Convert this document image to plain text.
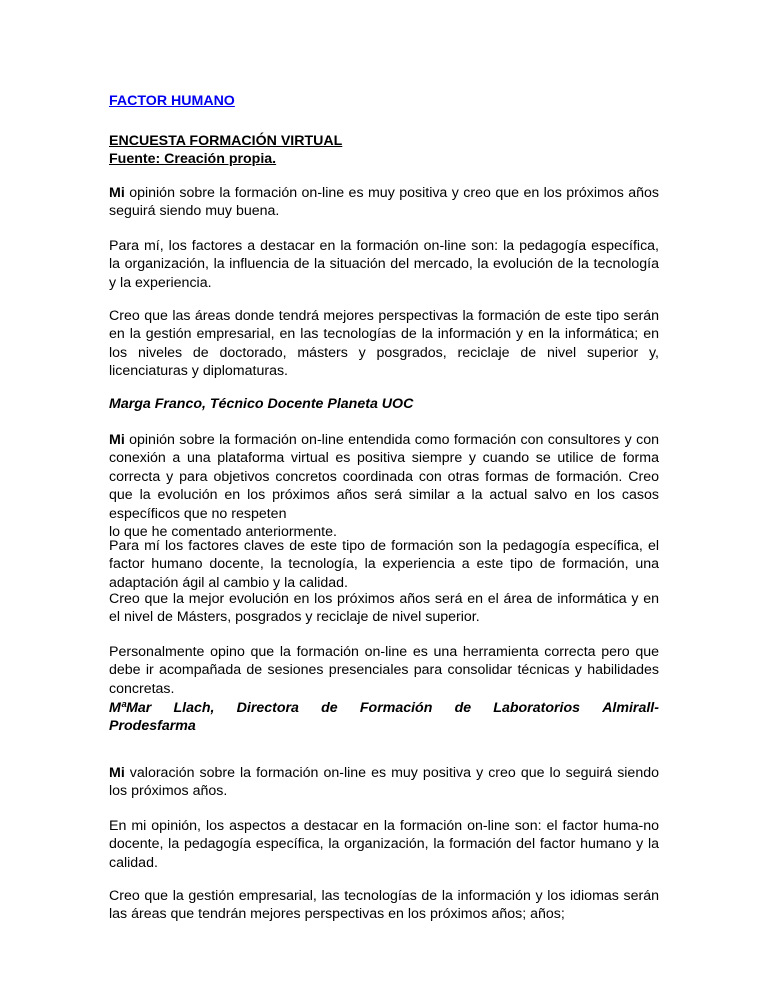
FACTOR HUMANO
ENCUESTA FORMACIÓN VIRTUAL
Fuente: Creación propia.

Mi opinión sobre la formación on-line es muy positiva y creo que en los próximos años seguirá siendo muy buena.

Para mí, los factores a destacar en la formación on-line son: la pedagogía específica, la organización, la influencia de la situación del mercado, la evolución de la tecnología y la experiencia.

Creo que las áreas donde tendrá mejores perspectivas la formación de este tipo serán en la gestión empresarial, en las tecnologías de la información y en la informática; en los niveles de doctorado, másters y posgrados, reciclaje de nivel superior y, licenciaturas y diplomaturas.

Marga Franco, Técnico Docente Planeta UOC

Mi opinión sobre la formación on-line entendida como formación con consultores y con conexión a una plataforma virtual es positiva siempre y cuando se utilice de forma correcta y para objetivos concretos coordinada con otras formas de formación. Creo que la evolución en los próximos años será similar a la actual salvo en los casos específicos que no respeten
lo que he comentado anteriormente.

Para mí los factores claves de este tipo de formación son la pedagogía específica, el factor humano docente, la tecnología, la experiencia a este tipo de formación, una adaptación ágil al cambio y la calidad.

Creo que la mejor evolución en los próximos años será en el área de informática y en el nivel de Másters, posgrados y reciclaje de nivel superior.

Personalmente opino que la formación on-line es una herramienta correcta pero que debe ir acompañada de sesiones presenciales para consolidar técnicas y habilidades concretas.

MªMar Llach, Directora de Formación de Laboratorios Almirall-
Prodesfarma

Mi valoración sobre la formación on-line es muy positiva y creo que lo seguirá siendo los próximos años.

En mi opinión, los aspectos a destacar en la formación on-line son: el factor huma-no docente, la pedagogía específica, la organización, la formación del factor humano y la calidad.

Creo que la gestión empresarial, las tecnologías de la información y los idiomas serán las áreas que tendrán mejores perspectivas en los próximos años; años;
